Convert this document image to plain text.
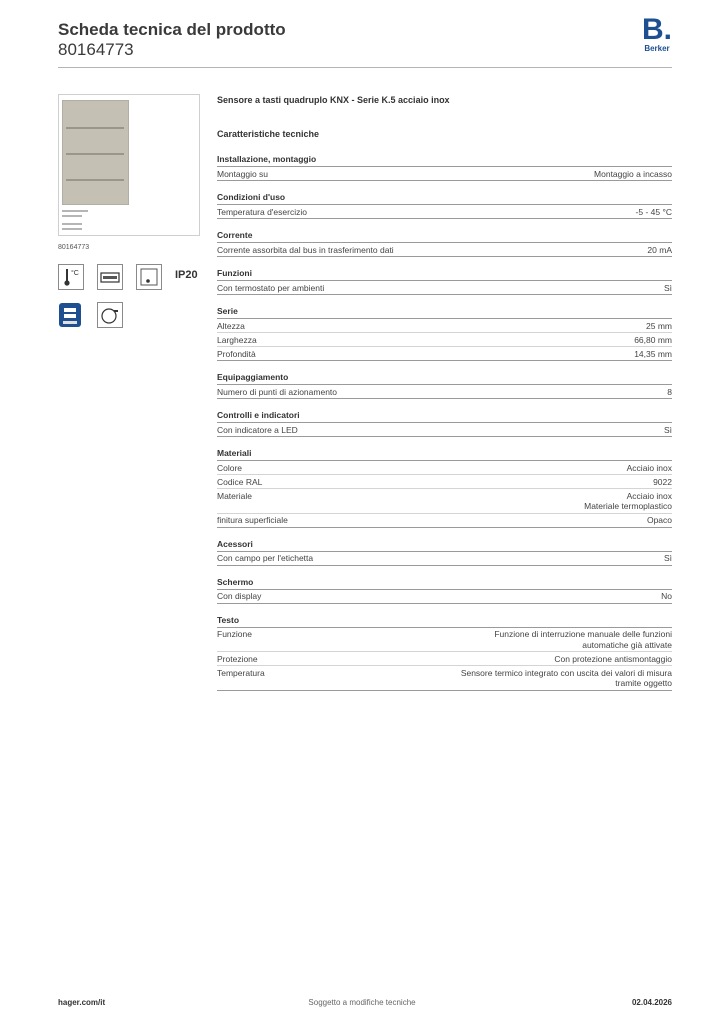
Scheda tecnica del prodotto
80164773
B.
Berker
80164773
°C	IP20
Sensore a tasti quadruplo KNX - Serie K.5 acciaio inox
Caratteristiche tecniche
Installazione, montaggio
Montaggio su	Montaggio a incasso
Condizioni d'uso
Temperatura d'esercizio	-5 - 45 °C
Corrente
Corrente assorbita dal bus in trasferimento dati	20 mA
Funzioni
Con termostato per ambienti	Sì
Serie
Altezza	25 mm
Larghezza	66,80 mm
Profondità	14,35 mm
Equipaggiamento
Numero di punti di azionamento	8
Controlli e indicatori
Con indicatore a LED	Sì
Materiali
Colore	Acciaio inox
Codice RAL	9022
Materiale	Acciaio inox
Materiale termoplastico
finitura superficiale	Opaco
Acessori
Con campo per l'etichetta	Sì
Schermo
Con display	No
Testo
Funzione	Funzione di interruzione manuale delle funzioni
automatiche già attivate
Protezione	Con protezione antismontaggio
Temperatura	Sensore termico integrato con uscita dei valori di misura
tramite oggetto
hager.com/it	Soggetto a modifiche tecniche	02.04.2026
